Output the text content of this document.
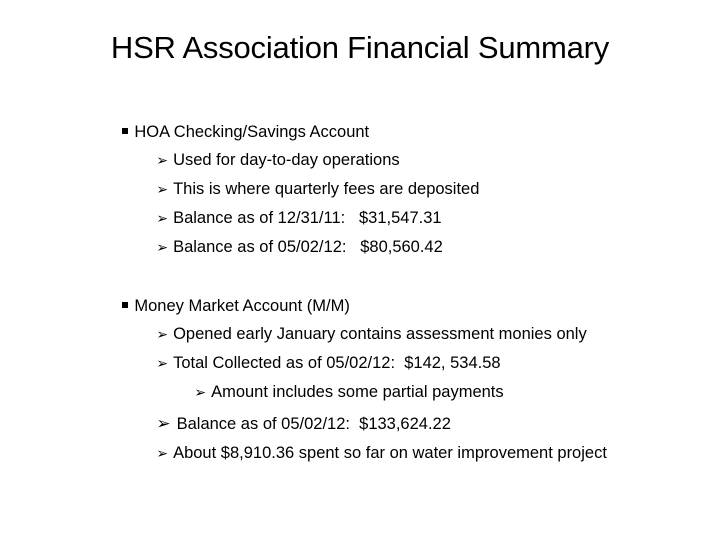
HSR Association Financial Summary

HOA Checking/Savings Account

➢ Used for day-to-day operations

➢ This is where quarterly fees are deposited

➢ Balance as of 12/31/11:   $31,547.31

➢ Balance as of 05/02/12:   $80,560.42

Money Market Account (M/M)

➢ Opened early January contains assessment monies only

➢ Total Collected as of 05/02/12:  $142, 534.58

➢ Amount includes some partial payments

➢ Balance as of 05/02/12:  $133,624.22

➢ About $8,910.36 spent so far on water improvement project
